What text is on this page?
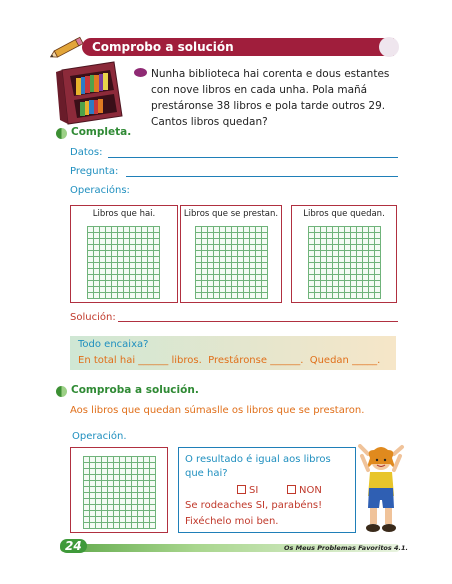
Comprobo a solución
Nunha biblioteca hai corenta e dous estantes con nove libros en cada unha. Pola mañá prestáronse 38 libros e pola tarde outros 29. Cantos libros quedan?
Completa.
Datos:
Pregunta:
Operacións:
Libros que hai.	Libros que se prestan.	Libros que quedan.
Solución:
Todo encaixa?
En total hai ______ libros.  Prestáronse ______.  Quedan _____.
Comproba a solución.
Aos libros que quedan súmaslle os libros que se prestaron.
Operación.
O resultado é igual aos libros que hai?
SI	NON
Se rodeaches SI, parabéns!
Fixéchelo moi ben.
24	Os Meus Problemas Favoritos 4.1.
